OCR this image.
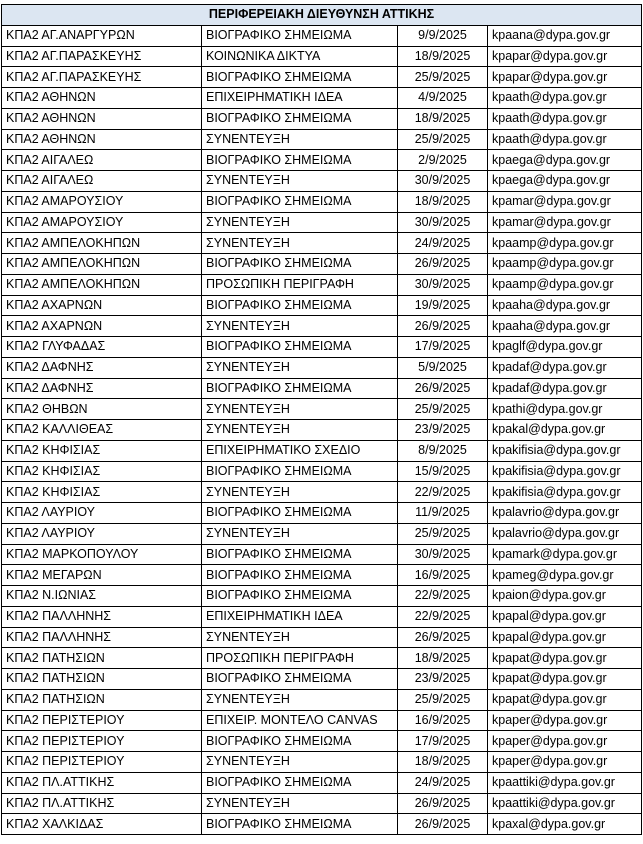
ΠΕΡΙΦΕΡΕΙΑΚΗ ΔΙΕΥΘΥΝΣΗ ΑΤΤΙΚΗΣ			
ΚΠΑ2 ΑΓ.ΑΝΑΡΓΥΡΩΝ	ΒΙΟΓΡΑΦΙΚΟ ΣΗΜΕΙΩΜΑ	9/9/2025	kpaana@dypa.gov.gr
ΚΠΑ2 ΑΓ.ΠΑΡΑΣΚΕΥΗΣ	ΚΟΙΝΩΝΙΚΑ ΔΙΚΤΥΑ	18/9/2025	kpapar@dypa.gov.gr
ΚΠΑ2 ΑΓ.ΠΑΡΑΣΚΕΥΗΣ	ΒΙΟΓΡΑΦΙΚΟ ΣΗΜΕΙΩΜΑ	25/9/2025	kpapar@dypa.gov.gr
ΚΠΑ2 ΑΘΗΝΩΝ	ΕΠΙΧΕΙΡΗΜΑΤΙΚΗ ΙΔΕΑ	4/9/2025	kpaath@dypa.gov.gr
ΚΠΑ2 ΑΘΗΝΩΝ	ΒΙΟΓΡΑΦΙΚΟ ΣΗΜΕΙΩΜΑ	18/9/2025	kpaath@dypa.gov.gr
ΚΠΑ2 ΑΘΗΝΩΝ	ΣΥΝΕΝΤΕΥΞΗ	25/9/2025	kpaath@dypa.gov.gr
ΚΠΑ2 ΑΙΓΑΛΕΩ	ΒΙΟΓΡΑΦΙΚΟ ΣΗΜΕΙΩΜΑ	2/9/2025	kpaega@dypa.gov.gr
ΚΠΑ2 ΑΙΓΑΛΕΩ	ΣΥΝΕΝΤΕΥΞΗ	30/9/2025	kpaega@dypa.gov.gr
ΚΠΑ2 ΑΜΑΡΟΥΣΙΟΥ	ΒΙΟΓΡΑΦΙΚΟ ΣΗΜΕΙΩΜΑ	18/9/2025	kpamar@dypa.gov.gr
ΚΠΑ2 ΑΜΑΡΟΥΣΙΟΥ	ΣΥΝΕΝΤΕΥΞΗ	30/9/2025	kpamar@dypa.gov.gr
ΚΠΑ2 ΑΜΠΕΛΟΚΗΠΩΝ	ΣΥΝΕΝΤΕΥΞΗ	24/9/2025	kpaamp@dypa.gov.gr
ΚΠΑ2 ΑΜΠΕΛΟΚΗΠΩΝ	ΒΙΟΓΡΑΦΙΚΟ ΣΗΜΕΙΩΜΑ	26/9/2025	kpaamp@dypa.gov.gr
ΚΠΑ2 ΑΜΠΕΛΟΚΗΠΩΝ	ΠΡΟΣΩΠΙΚΗ ΠΕΡΙΓΡΑΦΗ	30/9/2025	kpaamp@dypa.gov.gr
ΚΠΑ2 ΑΧΑΡΝΩΝ	ΒΙΟΓΡΑΦΙΚΟ ΣΗΜΕΙΩΜΑ	19/9/2025	kpaaha@dypa.gov.gr
ΚΠΑ2 ΑΧΑΡΝΩΝ	ΣΥΝΕΝΤΕΥΞΗ	26/9/2025	kpaaha@dypa.gov.gr
ΚΠΑ2 ΓΛΥΦΑΔΑΣ	ΒΙΟΓΡΑΦΙΚΟ ΣΗΜΕΙΩΜΑ	17/9/2025	kpaglf@dypa.gov.gr
ΚΠΑ2 ΔΑΦΝΗΣ	ΣΥΝΕΝΤΕΥΞΗ	5/9/2025	kpadaf@dypa.gov.gr
ΚΠΑ2 ΔΑΦΝΗΣ	ΒΙΟΓΡΑΦΙΚΟ ΣΗΜΕΙΩΜΑ	26/9/2025	kpadaf@dypa.gov.gr
ΚΠΑ2 ΘΗΒΩΝ	ΣΥΝΕΝΤΕΥΞΗ	25/9/2025	kpathi@dypa.gov.gr
ΚΠΑ2 ΚΑΛΛΙΘΕΑΣ	ΣΥΝΕΝΤΕΥΞΗ	23/9/2025	kpakal@dypa.gov.gr
ΚΠΑ2 ΚΗΦΙΣΙΑΣ	ΕΠΙΧΕΙΡΗΜΑΤΙΚΟ ΣΧΕΔΙΟ	8/9/2025	kpakifisia@dypa.gov.gr
ΚΠΑ2 ΚΗΦΙΣΙΑΣ	ΒΙΟΓΡΑΦΙΚΟ ΣΗΜΕΙΩΜΑ	15/9/2025	kpakifisia@dypa.gov.gr
ΚΠΑ2 ΚΗΦΙΣΙΑΣ	ΣΥΝΕΝΤΕΥΞΗ	22/9/2025	kpakifisia@dypa.gov.gr
ΚΠΑ2 ΛΑΥΡΙΟΥ	ΒΙΟΓΡΑΦΙΚΟ ΣΗΜΕΙΩΜΑ	11/9/2025	kpalavrio@dypa.gov.gr
ΚΠΑ2 ΛΑΥΡΙΟΥ	ΣΥΝΕΝΤΕΥΞΗ	25/9/2025	kpalavrio@dypa.gov.gr
ΚΠΑ2 ΜΑΡΚΟΠΟΥΛΟΥ	ΒΙΟΓΡΑΦΙΚΟ ΣΗΜΕΙΩΜΑ	30/9/2025	kpamark@dypa.gov.gr
ΚΠΑ2 ΜΕΓΑΡΩΝ	ΒΙΟΓΡΑΦΙΚΟ ΣΗΜΕΙΩΜΑ	16/9/2025	kpameg@dypa.gov.gr
ΚΠΑ2 Ν.ΙΩΝΙΑΣ	ΒΙΟΓΡΑΦΙΚΟ ΣΗΜΕΙΩΜΑ	22/9/2025	kpaion@dypa.gov.gr
ΚΠΑ2 ΠΑΛΛΗΝΗΣ	ΕΠΙΧΕΙΡΗΜΑΤΙΚΗ ΙΔΕΑ	22/9/2025	kpapal@dypa.gov.gr
ΚΠΑ2 ΠΑΛΛΗΝΗΣ	ΣΥΝΕΝΤΕΥΞΗ	26/9/2025	kpapal@dypa.gov.gr
ΚΠΑ2 ΠΑΤΗΣΙΩΝ	ΠΡΟΣΩΠΙΚΗ ΠΕΡΙΓΡΑΦΗ	18/9/2025	kpapat@dypa.gov.gr
ΚΠΑ2 ΠΑΤΗΣΙΩΝ	ΒΙΟΓΡΑΦΙΚΟ ΣΗΜΕΙΩΜΑ	23/9/2025	kpapat@dypa.gov.gr
ΚΠΑ2 ΠΑΤΗΣΙΩΝ	ΣΥΝΕΝΤΕΥΞΗ	25/9/2025	kpapat@dypa.gov.gr
ΚΠΑ2 ΠΕΡΙΣΤΕΡΙΟΥ	ΕΠΙΧΕΙΡ. ΜΟΝΤΕΛΟ CANVAS	16/9/2025	kpaper@dypa.gov.gr
ΚΠΑ2 ΠΕΡΙΣΤΕΡΙΟΥ	ΒΙΟΓΡΑΦΙΚΟ ΣΗΜΕΙΩΜΑ	17/9/2025	kpaper@dypa.gov.gr
ΚΠΑ2 ΠΕΡΙΣΤΕΡΙΟΥ	ΣΥΝΕΝΤΕΥΞΗ	18/9/2025	kpaper@dypa.gov.gr
ΚΠΑ2 ΠΛ.ΑΤΤΙΚΗΣ	ΒΙΟΓΡΑΦΙΚΟ ΣΗΜΕΙΩΜΑ	24/9/2025	kpaattiki@dypa.gov.gr
ΚΠΑ2 ΠΛ.ΑΤΤΙΚΗΣ	ΣΥΝΕΝΤΕΥΞΗ	26/9/2025	kpaattiki@dypa.gov.gr
ΚΠΑ2 ΧΑΛΚΙΔΑΣ	ΒΙΟΓΡΑΦΙΚΟ ΣΗΜΕΙΩΜΑ	26/9/2025	kpaxal@dypa.gov.gr
